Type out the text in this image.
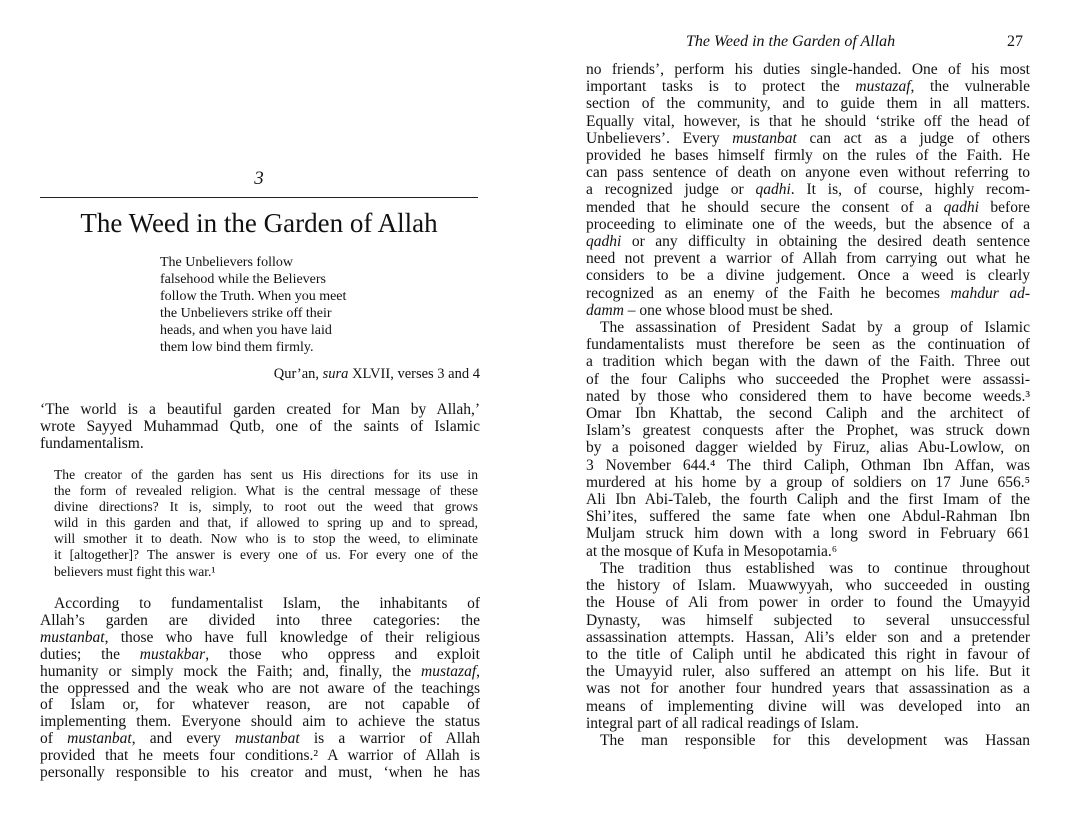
3
The Weed in the Garden of Allah
The Unbelievers follow
falsehood while the Believers
follow the Truth. When you meet
the Unbelievers strike off their
heads, and when you have laid
them low bind them firmly.
Qur’an, sura XLVII, verses 3 and 4
‘The world is a beautiful garden created for Man by Allah,’
wrote Sayyed Muhammad Qutb, one of the saints of Islamic
fundamentalism.
The creator of the garden has sent us His directions for its use in
the form of revealed religion. What is the central message of these
divine directions? It is, simply, to root out the weed that grows
wild in this garden and that, if allowed to spring up and to spread,
will smother it to death. Now who is to stop the weed, to eliminate
it [altogether]? The answer is every one of us. For every one of the
believers must fight this war.¹
According to fundamentalist Islam, the inhabitants of
Allah’s garden are divided into three categories: the
mustanbat, those who have full knowledge of their religious
duties; the mustakbar, those who oppress and exploit
humanity or simply mock the Faith; and, finally, the mustazaf,
the oppressed and the weak who are not aware of the teachings
of Islam or, for whatever reason, are not capable of
implementing them. Everyone should aim to achieve the status
of mustanbat, and every mustanbat is a warrior of Allah
provided that he meets four conditions.² A warrior of Allah is
personally responsible to his creator and must, ‘when he has
The Weed in the Garden of Allah	27
no friends’, perform his duties single-handed. One of his most
important tasks is to protect the mustazaf, the vulnerable
section of the community, and to guide them in all matters.
Equally vital, however, is that he should ‘strike off the head of
Unbelievers’. Every mustanbat can act as a judge of others
provided he bases himself firmly on the rules of the Faith. He
can pass sentence of death on anyone even without referring to
a recognized judge or qadhi. It is, of course, highly recom-
mended that he should secure the consent of a qadhi before
proceeding to eliminate one of the weeds, but the absence of a
qadhi or any difficulty in obtaining the desired death sentence
need not prevent a warrior of Allah from carrying out what he
considers to be a divine judgement. Once a weed is clearly
recognized as an enemy of the Faith he becomes mahdur ad-
damm – one whose blood must be shed.
The assassination of President Sadat by a group of Islamic
fundamentalists must therefore be seen as the continuation of
a tradition which began with the dawn of the Faith. Three out
of the four Caliphs who succeeded the Prophet were assassi-
nated by those who considered them to have become weeds.³
Omar Ibn Khattab, the second Caliph and the architect of
Islam’s greatest conquests after the Prophet, was struck down
by a poisoned dagger wielded by Firuz, alias Abu-Lowlow, on
3 November 644.⁴ The third Caliph, Othman Ibn Affan, was
murdered at his home by a group of soldiers on 17 June 656.⁵
Ali Ibn Abi-Taleb, the fourth Caliph and the first Imam of the
Shi’ites, suffered the same fate when one Abdul-Rahman Ibn
Muljam struck him down with a long sword in February 661
at the mosque of Kufa in Mesopotamia.⁶
The tradition thus established was to continue throughout
the history of Islam. Muawwyyah, who succeeded in ousting
the House of Ali from power in order to found the Umayyid
Dynasty, was himself subjected to several unsuccessful
assassination attempts. Hassan, Ali’s elder son and a pretender
to the title of Caliph until he abdicated this right in favour of
the Umayyid ruler, also suffered an attempt on his life. But it
was not for another four hundred years that assassination as a
means of implementing divine will was developed into an
integral part of all radical readings of Islam.
The man responsible for this development was Hassan
